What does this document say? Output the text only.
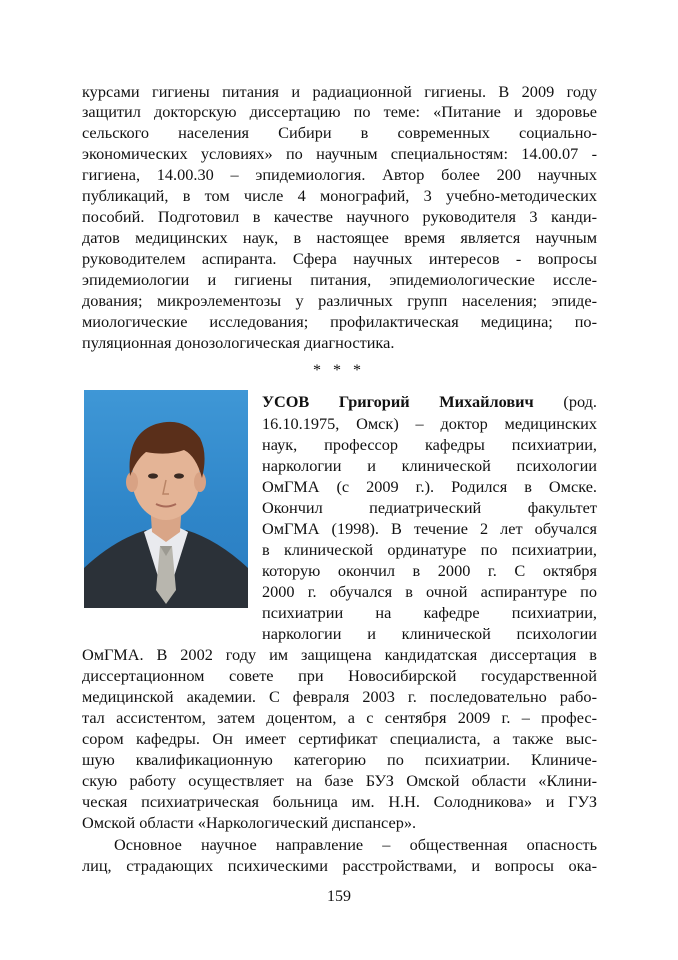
курсами гигиены питания и радиационной гигиены. В 2009 году
защитил докторскую диссертацию по теме: «Питание и здоровье
сельского населения Сибири в современных социально-
экономических условиях» по научным специальностям: 14.00.07 -
гигиена, 14.00.30 – эпидемиология. Автор более 200 научных
публикаций, в том числе 4 монографий, 3 учебно-методических
пособий. Подготовил в качестве научного руководителя 3 канди-
датов медицинских наук, в настоящее время является научным
руководителем аспиранта. Сфера научных интересов - вопросы
эпидемиологии и гигиены питания, эпидемиологические иссле-
дования; микроэлементозы у различных групп населения; эпиде-
миологические исследования; профилактическая медицина; по-
пуляционная донозологическая диагностика.
* * *
УСОВ Григорий Михайлович (род.
16.10.1975, Омск) – доктор медицинских
наук, профессор кафедры психиатрии,
наркологии и клинической психологии
ОмГМА (с 2009 г.). Родился в Омске.
Окончил педиатрический факультет
ОмГМА (1998). В течение 2 лет обучался
в клинической ординатуре по психиатрии,
которую окончил в 2000 г. С октября
2000 г. обучался в очной аспирантуре по
психиатрии на кафедре психиатрии,
наркологии и клинической психологии
ОмГМА. В 2002 году им защищена кандидатская диссертация в
диссертационном совете при Новосибирской государственной
медицинской академии. С февраля 2003 г. последовательно рабо-
тал ассистентом, затем доцентом, а с сентября 2009 г. – профес-
сором кафедры. Он имеет сертификат специалиста, а также выс-
шую квалификационную категорию по психиатрии. Клиниче-
скую работу осуществляет на базе БУЗ Омской области «Клини-
ческая психиатрическая больница им. Н.Н. Солодникова» и ГУЗ
Омской области «Наркологический диспансер».
Основное научное направление – общественная опасность
лиц, страдающих психическими расстройствами, и вопросы ока-
159
